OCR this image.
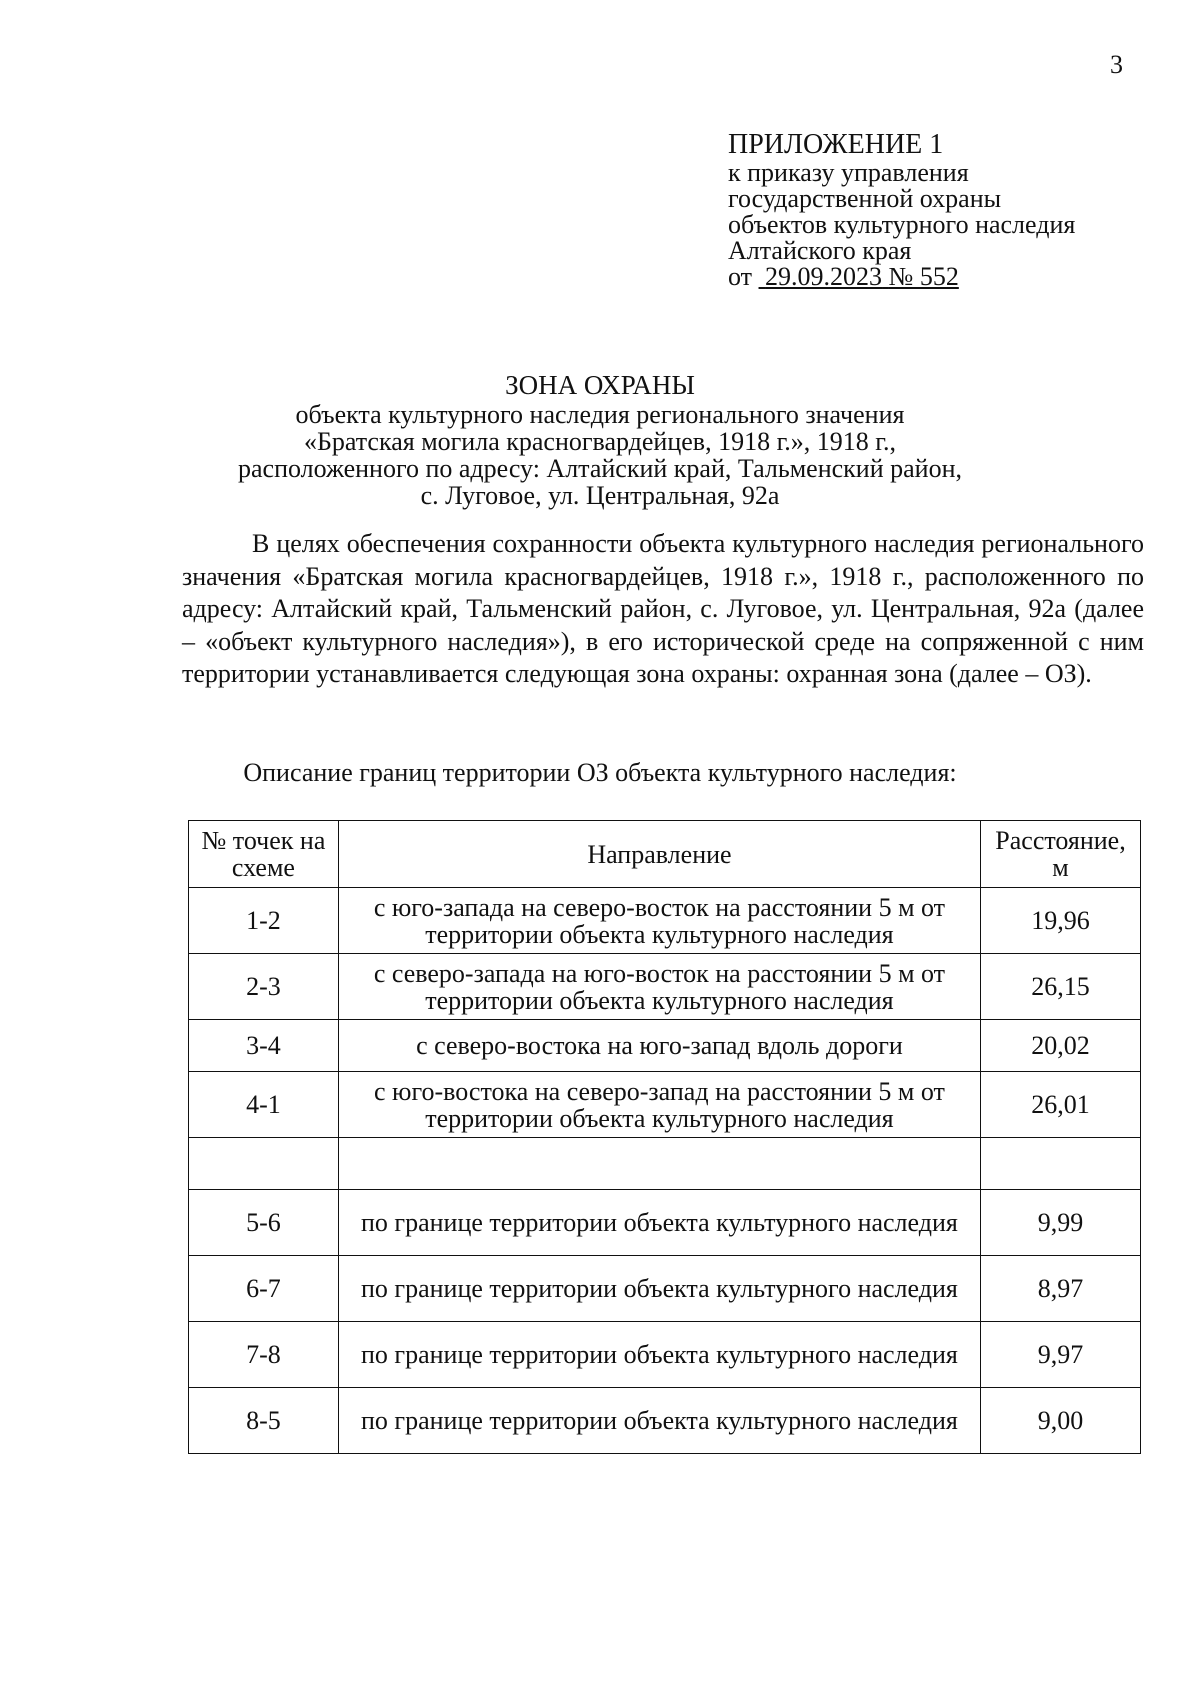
3
ПРИЛОЖЕНИЕ 1
к приказу управления
государственной охраны
объектов культурного наследия
Алтайского края
от 29.09.2023 № 552
ЗОНА ОХРАНЫ
объекта культурного наследия регионального значения
«Братская могила красногвардейцев, 1918 г.», 1918 г.,
расположенного по адресу: Алтайский край, Тальменский район,
с. Луговое, ул. Центральная, 92а
В целях обеспечения сохранности объекта культурного наследия регионального значения «Братская могила красногвардейцев, 1918 г.», 1918 г., расположенного по адресу: Алтайский край, Тальменский район, с. Луговое, ул. Центральная, 92а (далее – «объект культурного наследия»), в его исторической среде на сопряженной с ним территории устанавливается следующая зона охраны: охранная зона (далее – ОЗ).
Описание границ территории ОЗ объекта культурного наследия:
№ точек на схеме	Направление	Расстояние, м
1-2	с юго-запада на северо-восток на расстоянии 5 м от территории объекта культурного наследия	19,96
2-3	с северо-запада на юго-восток на расстоянии 5 м от территории объекта культурного наследия	26,15
3-4	с северо-востока на юго-запад вдоль дороги	20,02
4-1	с юго-востока на северо-запад на расстоянии 5 м от территории объекта культурного наследия	26,01

5-6	по границе территории объекта культурного наследия	9,99
6-7	по границе территории объекта культурного наследия	8,97
7-8	по границе территории объекта культурного наследия	9,97
8-5	по границе территории объекта культурного наследия	9,00
